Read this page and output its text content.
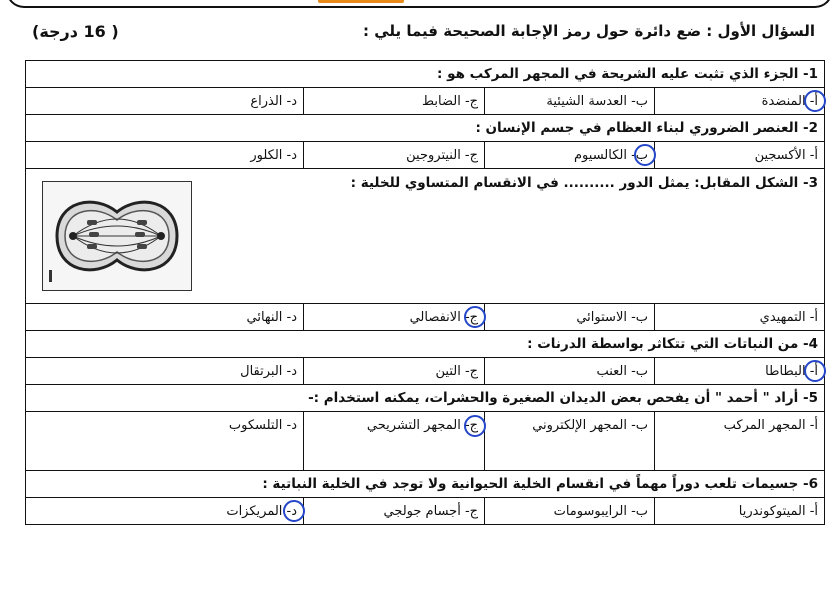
السؤال الأول : ضع دائرة حول رمز الإجابة الصحيحة فيما يلي :
( 16 درجة)
1- الجزء الذي تثبت عليه الشريحة في المجهر المركب هو :			

أ- المنضدة	ب- العدسة الشيئية	ج- الضابط	د- الذراع
2- العنصر الضروري لبناء العظام في جسم الإنسان :			
أ- الأكسجين	ب- الكالسيوم	ج- النيتروجين	د- الكلور

3- الشكل المقابل: يمثل الدور .......... في الانقسام المتساوي للخلية :			

أ- التمهيدي	ب- الاستوائي	ج- الانفصالي	د- النهائي
4- من النباتات التي تتكاثر بواسطة الدرنات :			

أ- البطاطا	ب- العنب	ج- التين	د- البرتقال
5- أراد " أحمد " أن يفحص بعض الديدان الصغيرة والحشرات، يمكنه استخدام :-			
أ- المجهر المركب	ب- المجهر الإلكتروني	ج- المجهر التشريحي	د- التلسكوب
6- جسيمات تلعب دوراً مهماً في انقسام الخلية الحيوانية ولا توجد في الخلية النباتية :			
أ- الميتوكوندريا	ب- الرايبوسومات	ج- أجسام جولجي	د- المريكزات
